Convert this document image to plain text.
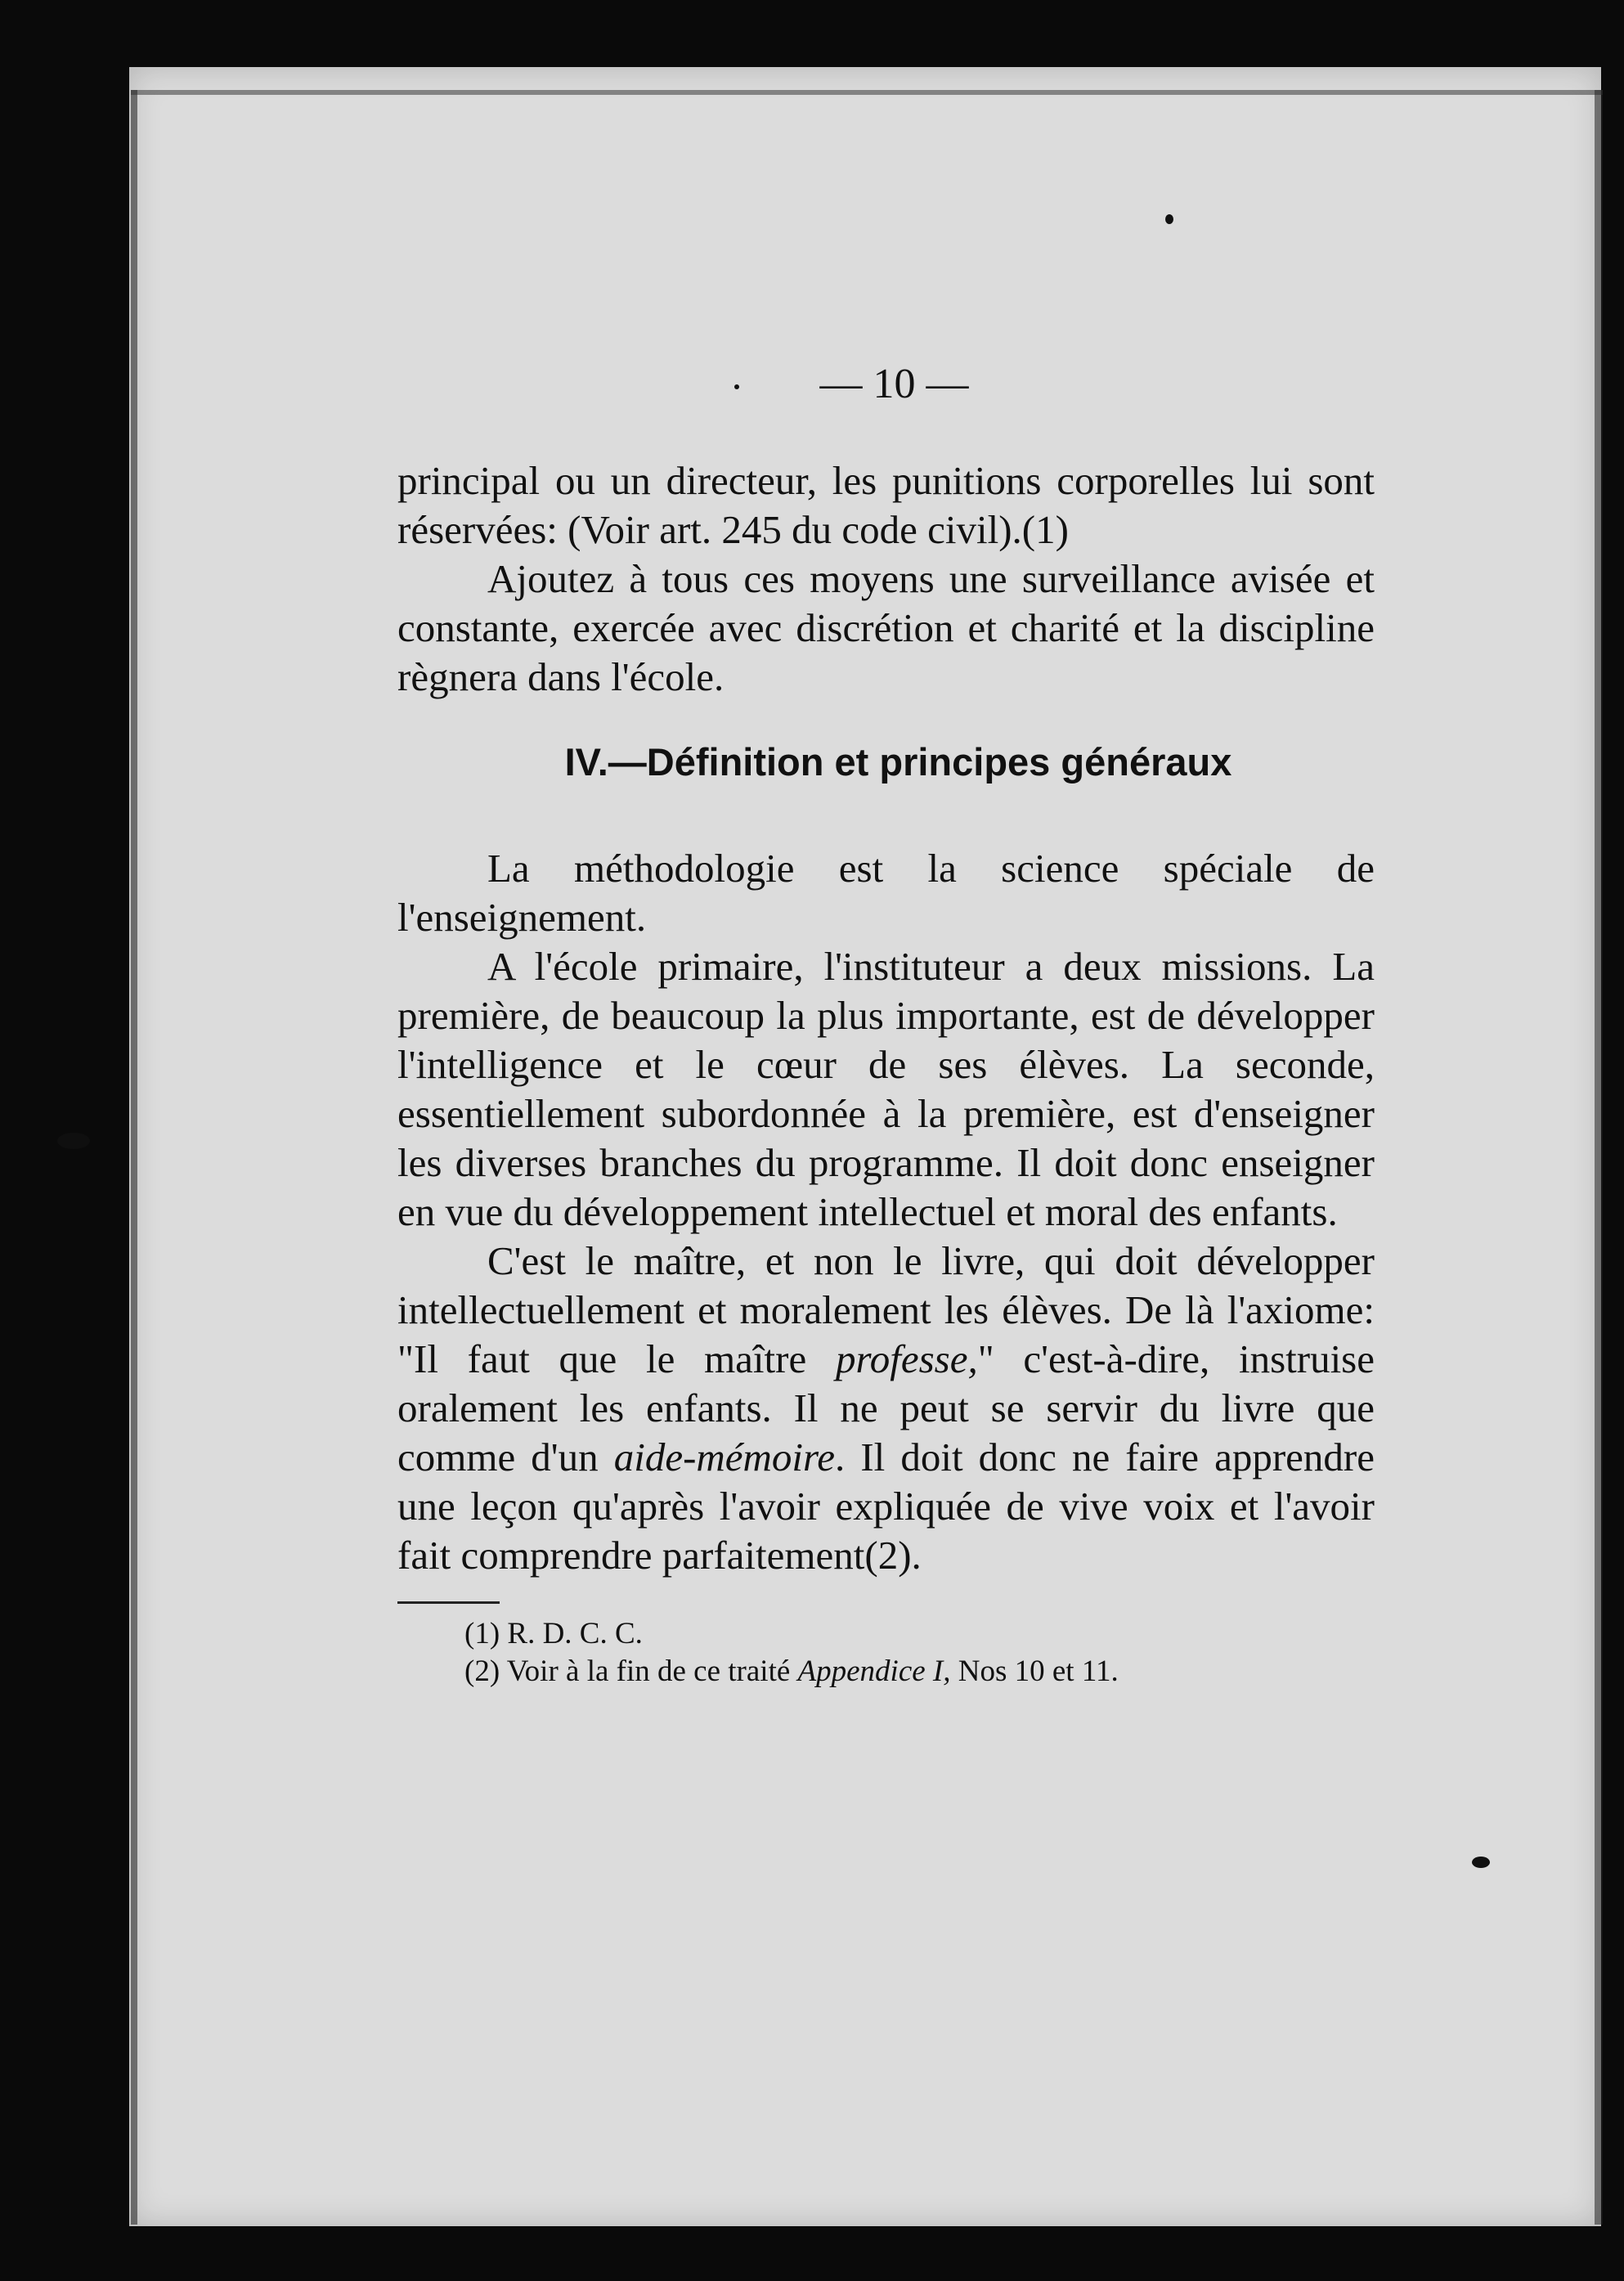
— 10 —

principal ou un directeur, les punitions corporelles lui sont réservées: (Voir art. 245 du code civil).(1)

Ajoutez à tous ces moyens une surveillance avisée et constante, exercée avec discrétion et charité et la discipline règnera dans l'école.

IV.—Définition et principes généraux

La méthodologie est la science spéciale de l'enseignement.

A l'école primaire, l'instituteur a deux missions. La première, de beaucoup la plus importante, est de développer l'intelligence et le cœur de ses élèves. La seconde, essentiellement subordonnée à la première, est d'enseigner les diverses branches du programme. Il doit donc enseigner en vue du développement intellectuel et moral des enfants.

C'est le maître, et non le livre, qui doit développer intellectuellement et moralement les élèves. De là l'axiome: "Il faut que le maître professe," c'est-à-dire, instruise oralement les enfants. Il ne peut se servir du livre que comme d'un aide-mémoire. Il doit donc ne faire apprendre une leçon qu'après l'avoir expliquée de vive voix et l'avoir fait comprendre parfaitement(2).

(1) R. D. C. C.

(2) Voir à la fin de ce traité Appendice I, Nos 10 et 11.
